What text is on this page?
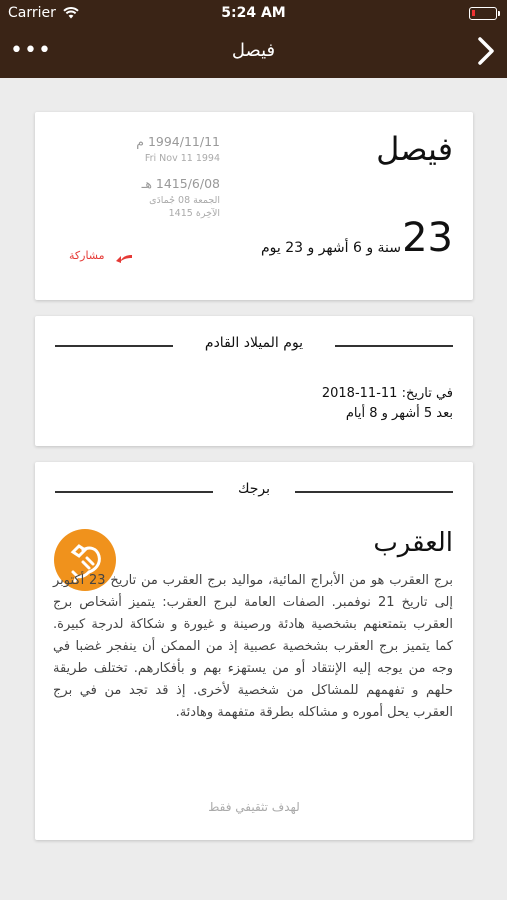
Carrier	5:24 AM
•••	فيصل
فيصل
23
سنة و 6 أشهر و 23 يوم
1994/11/11 م
Fri Nov 11 1994
1415/6/08 هـ
الجمعة 08 جُمادَى
الآخِرة 1415
مشاركة
يوم الميلاد القادم
في تاريخ: 11-11-2018
بعد 5 أشهر و 8 أيام
برجك
العقرب
برج العقرب هو من الأبراج المائية، مواليد برج العقرب من تاريخ 23 أكتوبر إلى تاريخ 21 نوفمبر. الصفات العامة لبرج العقرب: يتميز أشخاص برج العقرب بتمتعنهم بشخصية هادئة ورصينة و غيورة و شكاكة لدرجة كبيرة. كما يتميز برج العقرب بشخصية عصبية إذ من الممكن أن ينفجر غضبا في وجه من يوجه إليه الإنتقاد أو من يستهزء بهم و بأفكارهم. تختلف طريقة حلهم و تفهمهم للمشاكل من شخصية لأخرى. إذ قد تجد من في برج العقرب يحل أموره و مشاكله بطرقة متفهمة وهادئة.
لهدف تثقيفي فقط
